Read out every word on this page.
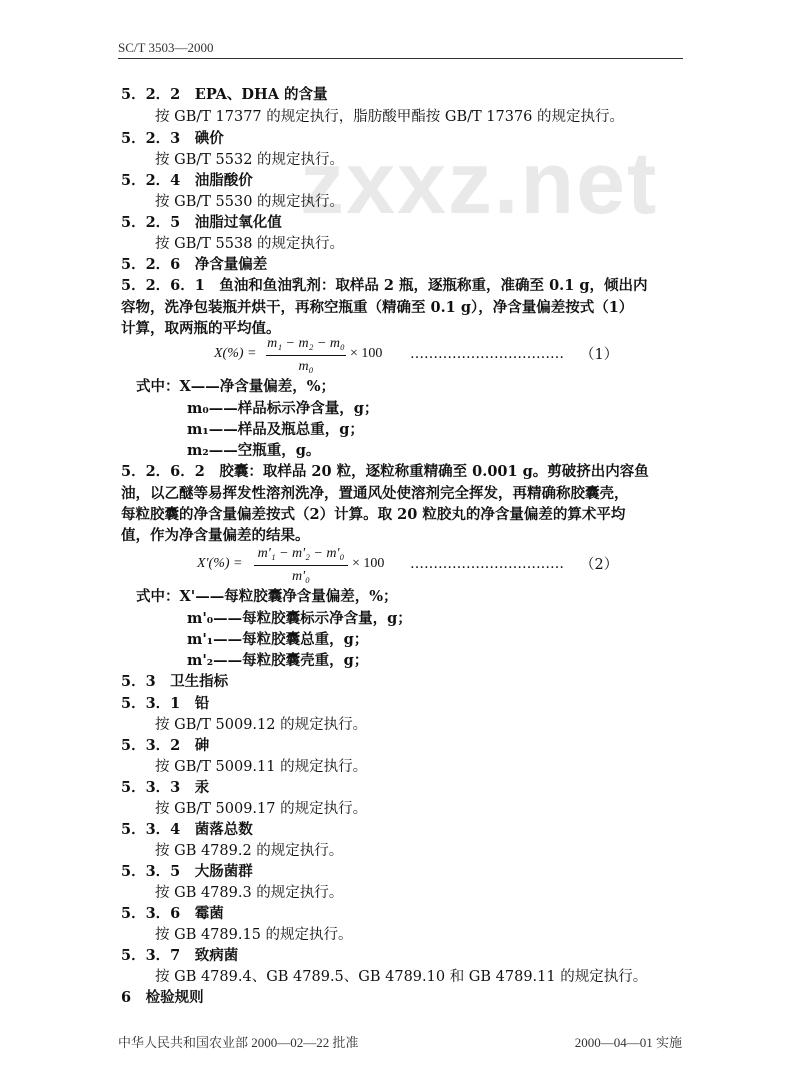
SC/T 3503—2000
zxxz.net
5．2．2　EPA、DHA 的含量
按 GB/T 17377 的规定执行，脂肪酸甲酯按 GB/T 17376 的规定执行。
5．2．3　碘价
按 GB/T 5532 的规定执行。
5．2．4　油脂酸价
按 GB/T 5530 的规定执行。
5．2．5　油脂过氧化值
按 GB/T 5538 的规定执行。
5．2．6　净含量偏差
5．2．6．1　鱼油和鱼油乳剂：取样品 2 瓶，逐瓶称重，准确至 0.1 g，倾出内
容物，洗净包装瓶并烘干，再称空瓶重（精确至 0.1 g），净含量偏差按式（1）
计算，取两瓶的平均值。
X(%) =
m₁ − m₂ − m₀
m₀
× 100 …………………………… （1）
式中：X——净含量偏差，%；
m₀——样品标示净含量，g；
m₁——样品及瓶总重，g；
m₂——空瓶重，g。
5．2．6．2　胶囊：取样品 20 粒，逐粒称重精确至 0.001 g。剪破挤出内容鱼
油，以乙醚等易挥发性溶剂洗净，置通风处使溶剂完全挥发，再精确称胶囊壳，
每粒胶囊的净含量偏差按式（2）计算。取 20 粒胶丸的净含量偏差的算术平均
值，作为净含量偏差的结果。
X'(%) =
m'₁ − m'₂ − m'₀
m'₀
× 100 …………………………… （2）
式中：X'——每粒胶囊净含量偏差，%；
m'₀——每粒胶囊标示净含量，g；
m'₁——每粒胶囊总重，g；
m'₂——每粒胶囊壳重，g；
5．3　卫生指标
5．3．1　铅
按 GB/T 5009.12 的规定执行。
5．3．2　砷
按 GB/T 5009.11 的规定执行。
5．3．3　汞
按 GB/T 5009.17 的规定执行。
5．3．4　菌落总数
按 GB 4789.2 的规定执行。
5．3．5　大肠菌群
按 GB 4789.3 的规定执行。
5．3．6　霉菌
按 GB 4789.15 的规定执行。
5．3．7　致病菌
按 GB 4789.4、GB 4789.5、GB 4789.10 和 GB 4789.11 的规定执行。
6　检验规则
中华人民共和国农业部 2000—02—22 批准	2000—04—01 实施
